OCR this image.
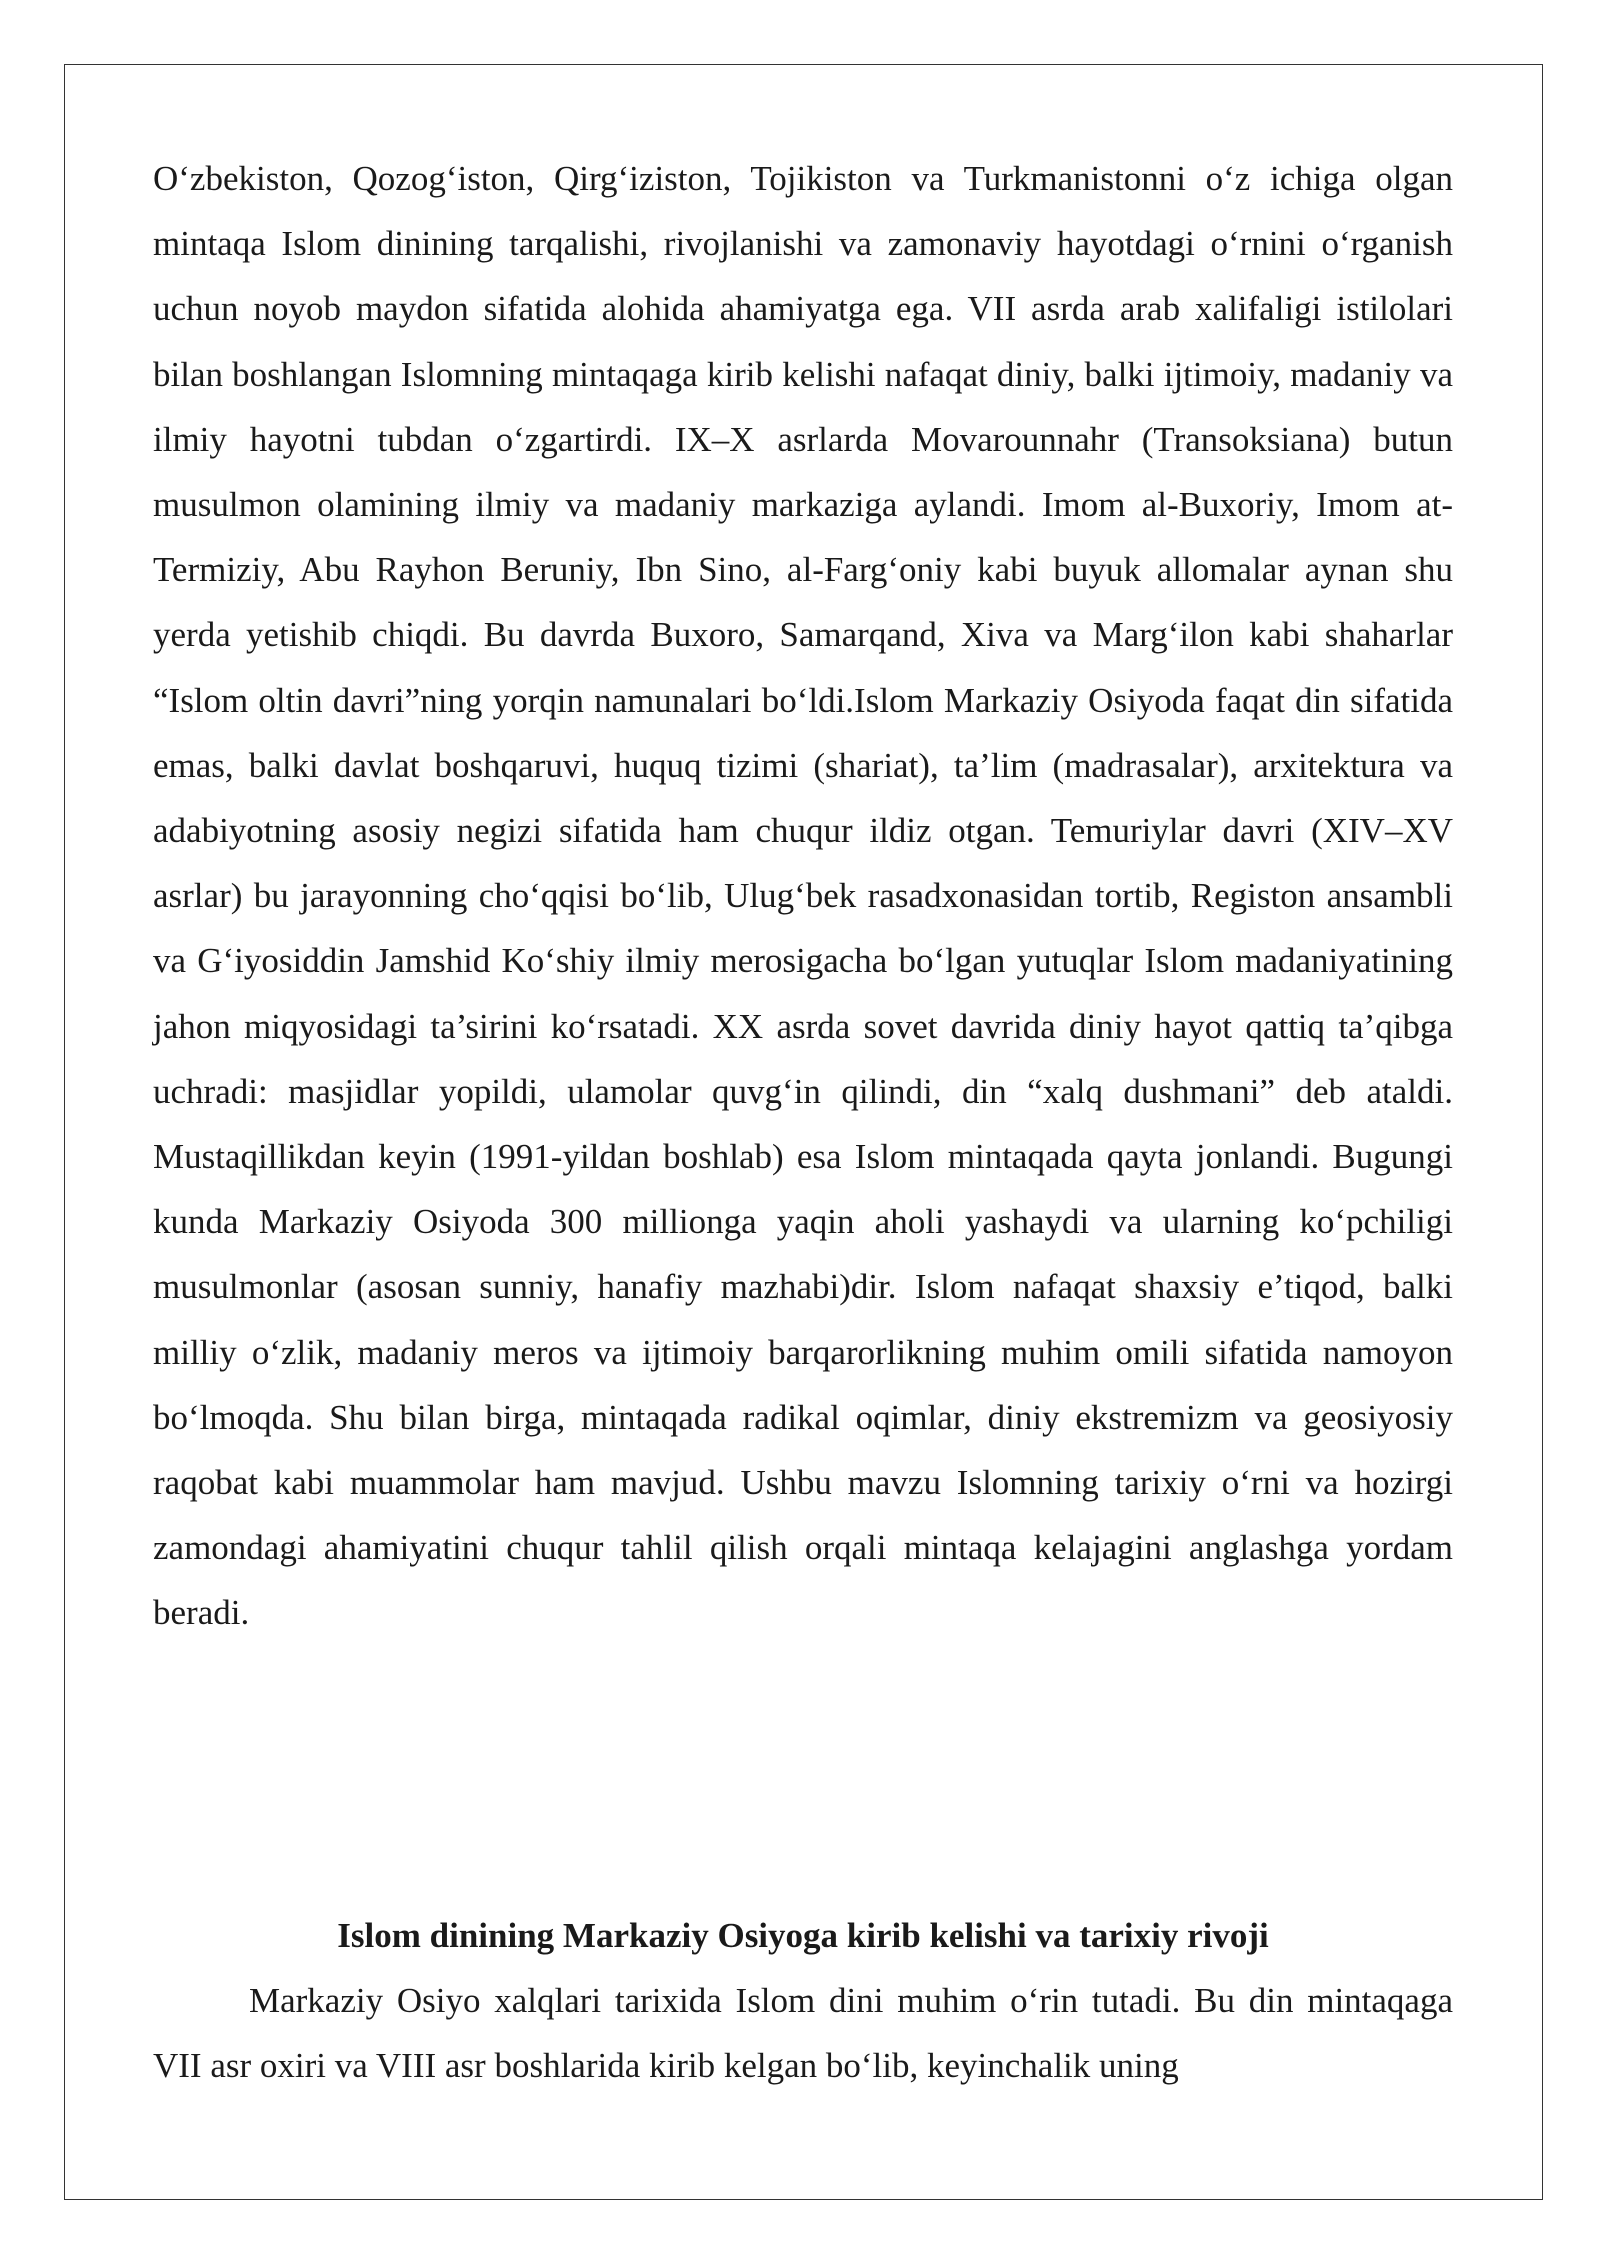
O‘zbekiston, Qozog‘iston, Qirg‘iziston, Tojikiston va Turkmanistonni o‘z ichiga olgan mintaqa Islom dinining tarqalishi, rivojlanishi va zamonaviy hayotdagi o‘rnini o‘rganish uchun noyob maydon sifatida alohida ahamiyatga ega. VII asrda arab xalifaligi istilolari bilan boshlangan Islomning mintaqaga kirib kelishi nafaqat diniy, balki ijtimoiy, madaniy va ilmiy hayotni tubdan o‘zgartirdi. IX–X asrlarda Movarounnahr (Transoksiana) butun musulmon olamining ilmiy va madaniy markaziga aylandi. Imom al-Buxoriy, Imom at-Termiziy, Abu Rayhon Beruniy, Ibn Sino, al-Farg‘oniy kabi buyuk allomalar aynan shu yerda yetishib chiqdi. Bu davrda Buxoro, Samarqand, Xiva va Marg‘ilon kabi shaharlar “Islom oltin davri”ning yorqin namunalari bo‘ldi.Islom Markaziy Osiyoda faqat din sifatida emas, balki davlat boshqaruvi, huquq tizimi (shariat), ta’lim (madrasalar), arxitektura va adabiyotning asosiy negizi sifatida ham chuqur ildiz otgan. Temuriylar davri (XIV–XV asrlar) bu jarayonning cho‘qqisi bo‘lib, Ulug‘bek rasadxonasidan tortib, Registon ansambli va G‘iyosiddin Jamshid Ko‘shiy ilmiy merosigacha bo‘lgan yutuqlar Islom madaniyatining jahon miqyosidagi ta’sirini ko‘rsatadi. XX asrda sovet davrida diniy hayot qattiq ta’qibga uchradi: masjidlar yopildi, ulamolar quvg‘in qilindi, din “xalq dushmani” deb ataldi. Mustaqillikdan keyin (1991-yildan boshlab) esa Islom mintaqada qayta jonlandi. Bugungi kunda Markaziy Osiyoda 300 millionga yaqin aholi yashaydi va ularning ko‘pchiligi musulmonlar (asosan sunniy, hanafiy mazhabi)dir. Islom nafaqat shaxsiy e’tiqod, balki milliy o‘zlik, madaniy meros va ijtimoiy barqarorlikning muhim omili sifatida namoyon bo‘lmoqda. Shu bilan birga, mintaqada radikal oqimlar, diniy ekstremizm va geosiyosiy raqobat kabi muammolar ham mavjud. Ushbu mavzu Islomning tarixiy o‘rni va hozirgi zamondagi ahamiyatini chuqur tahlil qilish orqali mintaqa kelajagini anglashga yordam beradi.

Islom dinining Markaziy Osiyoga kirib kelishi va tarixiy rivoji

Markaziy Osiyo xalqlari tarixida Islom dini muhim o‘rin tutadi. Bu din mintaqaga VII asr oxiri va VIII asr boshlarida kirib kelgan bo‘lib, keyinchalik uning
